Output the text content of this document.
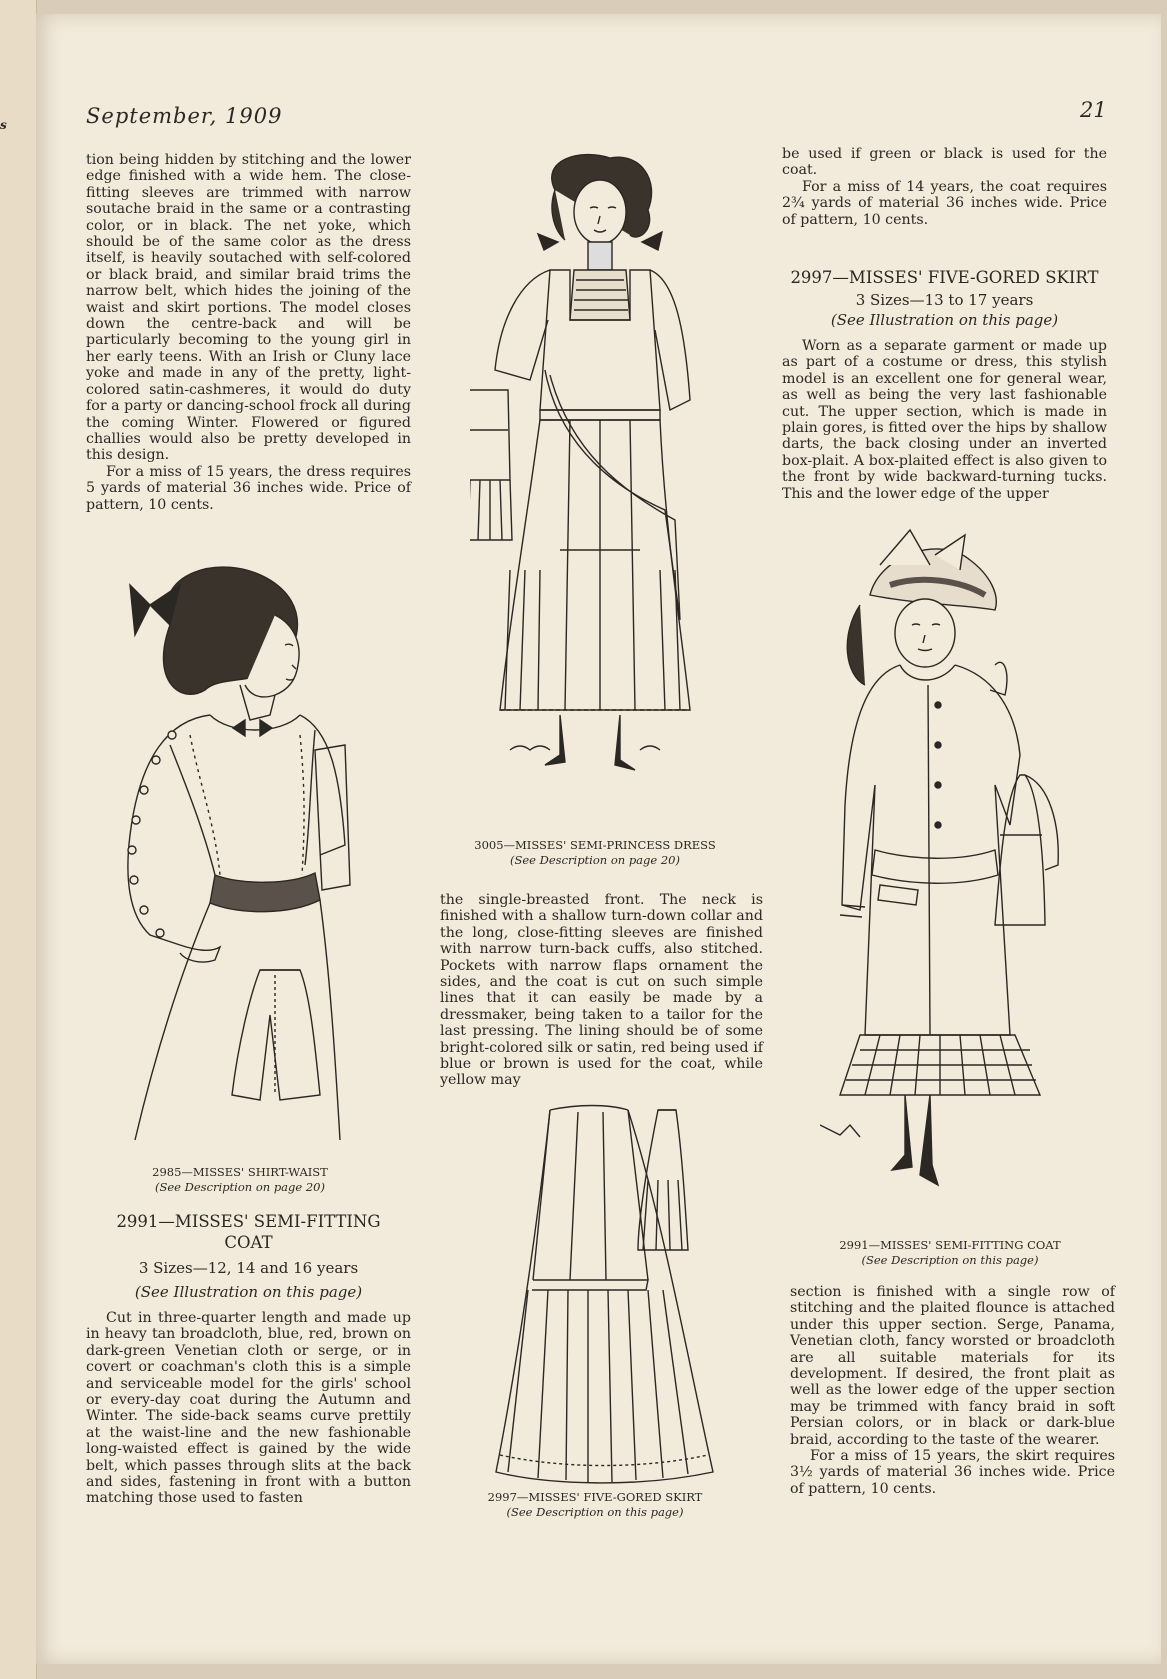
s	September, 1909	21

tion being hidden by stitching and the lower edge finished with a wide hem. The close-fitting sleeves are trimmed with narrow soutache braid in the same or a contrasting color, or in black. The net yoke, which should be of the same color as the dress itself, is heavily soutached with self-colored or black braid, and similar braid trims the narrow belt, which hides the joining of the waist and skirt portions. The model closes down the centre-back and will be particularly becoming to the young girl in her early teens. With an Irish or Cluny lace yoke and made in any of the pretty, light-colored satin-cashmeres, it would do duty for a party or dancing-school frock all during the coming Winter. Flowered or figured challies would also be pretty developed in this design.

For a miss of 15 years, the dress requires 5 yards of material 36 inches wide. Price of pattern, 10 cents.

be used if green or black is used for the coat.

For a miss of 14 years, the coat requires 2¾ yards of material 36 inches wide. Price of pattern, 10 cents.

2997—MISSES' FIVE-GORED SKIRT
3 Sizes—13 to 17 years
(See Illustration on this page)

Worn as a separate garment or made up as part of a costume or dress, this stylish model is an excellent one for general wear, as well as being the very last fashionable cut. The upper section, which is made in plain gores, is fitted over the hips by shallow darts, the back closing under an inverted box-plait. A box-plaited effect is also given to the front by wide backward-turning tucks. This and the lower edge of the upper

3005—MISSES' SEMI-PRINCESS DRESS
(See Description on page 20)
2985—MISSES' SHIRT-WAIST
(See Description on page 20)
2991—MISSES' SEMI-FITTING
COAT
3 Sizes—12, 14 and 16 years
(See Illustration on this page)

Cut in three-quarter length and made up in heavy tan broadcloth, blue, red, brown on dark-green Venetian cloth or serge, or in covert or coachman's cloth this is a simple and serviceable model for the girls' school or every-day coat during the Autumn and Winter. The side-back seams curve prettily at the waist-line and the new fashionable long-waisted effect is gained by the wide belt, which passes through slits at the back and sides, fastening in front with a button matching those used to fasten

the single-breasted front. The neck is finished with a shallow turn-down collar and the long, close-fitting sleeves are finished with narrow turn-back cuffs, also stitched. Pockets with narrow flaps ornament the sides, and the coat is cut on such simple lines that it can easily be made by a dressmaker, being taken to a tailor for the last pressing. The lining should be of some bright-colored silk or satin, red being used if blue or brown is used for the coat, while yellow may

2997—MISSES' FIVE-GORED SKIRT
(See Description on this page)
2991—MISSES' SEMI-FITTING COAT
(See Description on this page)

section is finished with a single row of stitching and the plaited flounce is attached under this upper section. Serge, Panama, Venetian cloth, fancy worsted or broadcloth are all suitable materials for its development. If desired, the front plait as well as the lower edge of the upper section may be trimmed with fancy braid in soft Persian colors, or in black or dark-blue braid, according to the taste of the wearer.

For a miss of 15 years, the skirt requires 3½ yards of material 36 inches wide. Price of pattern, 10 cents.
